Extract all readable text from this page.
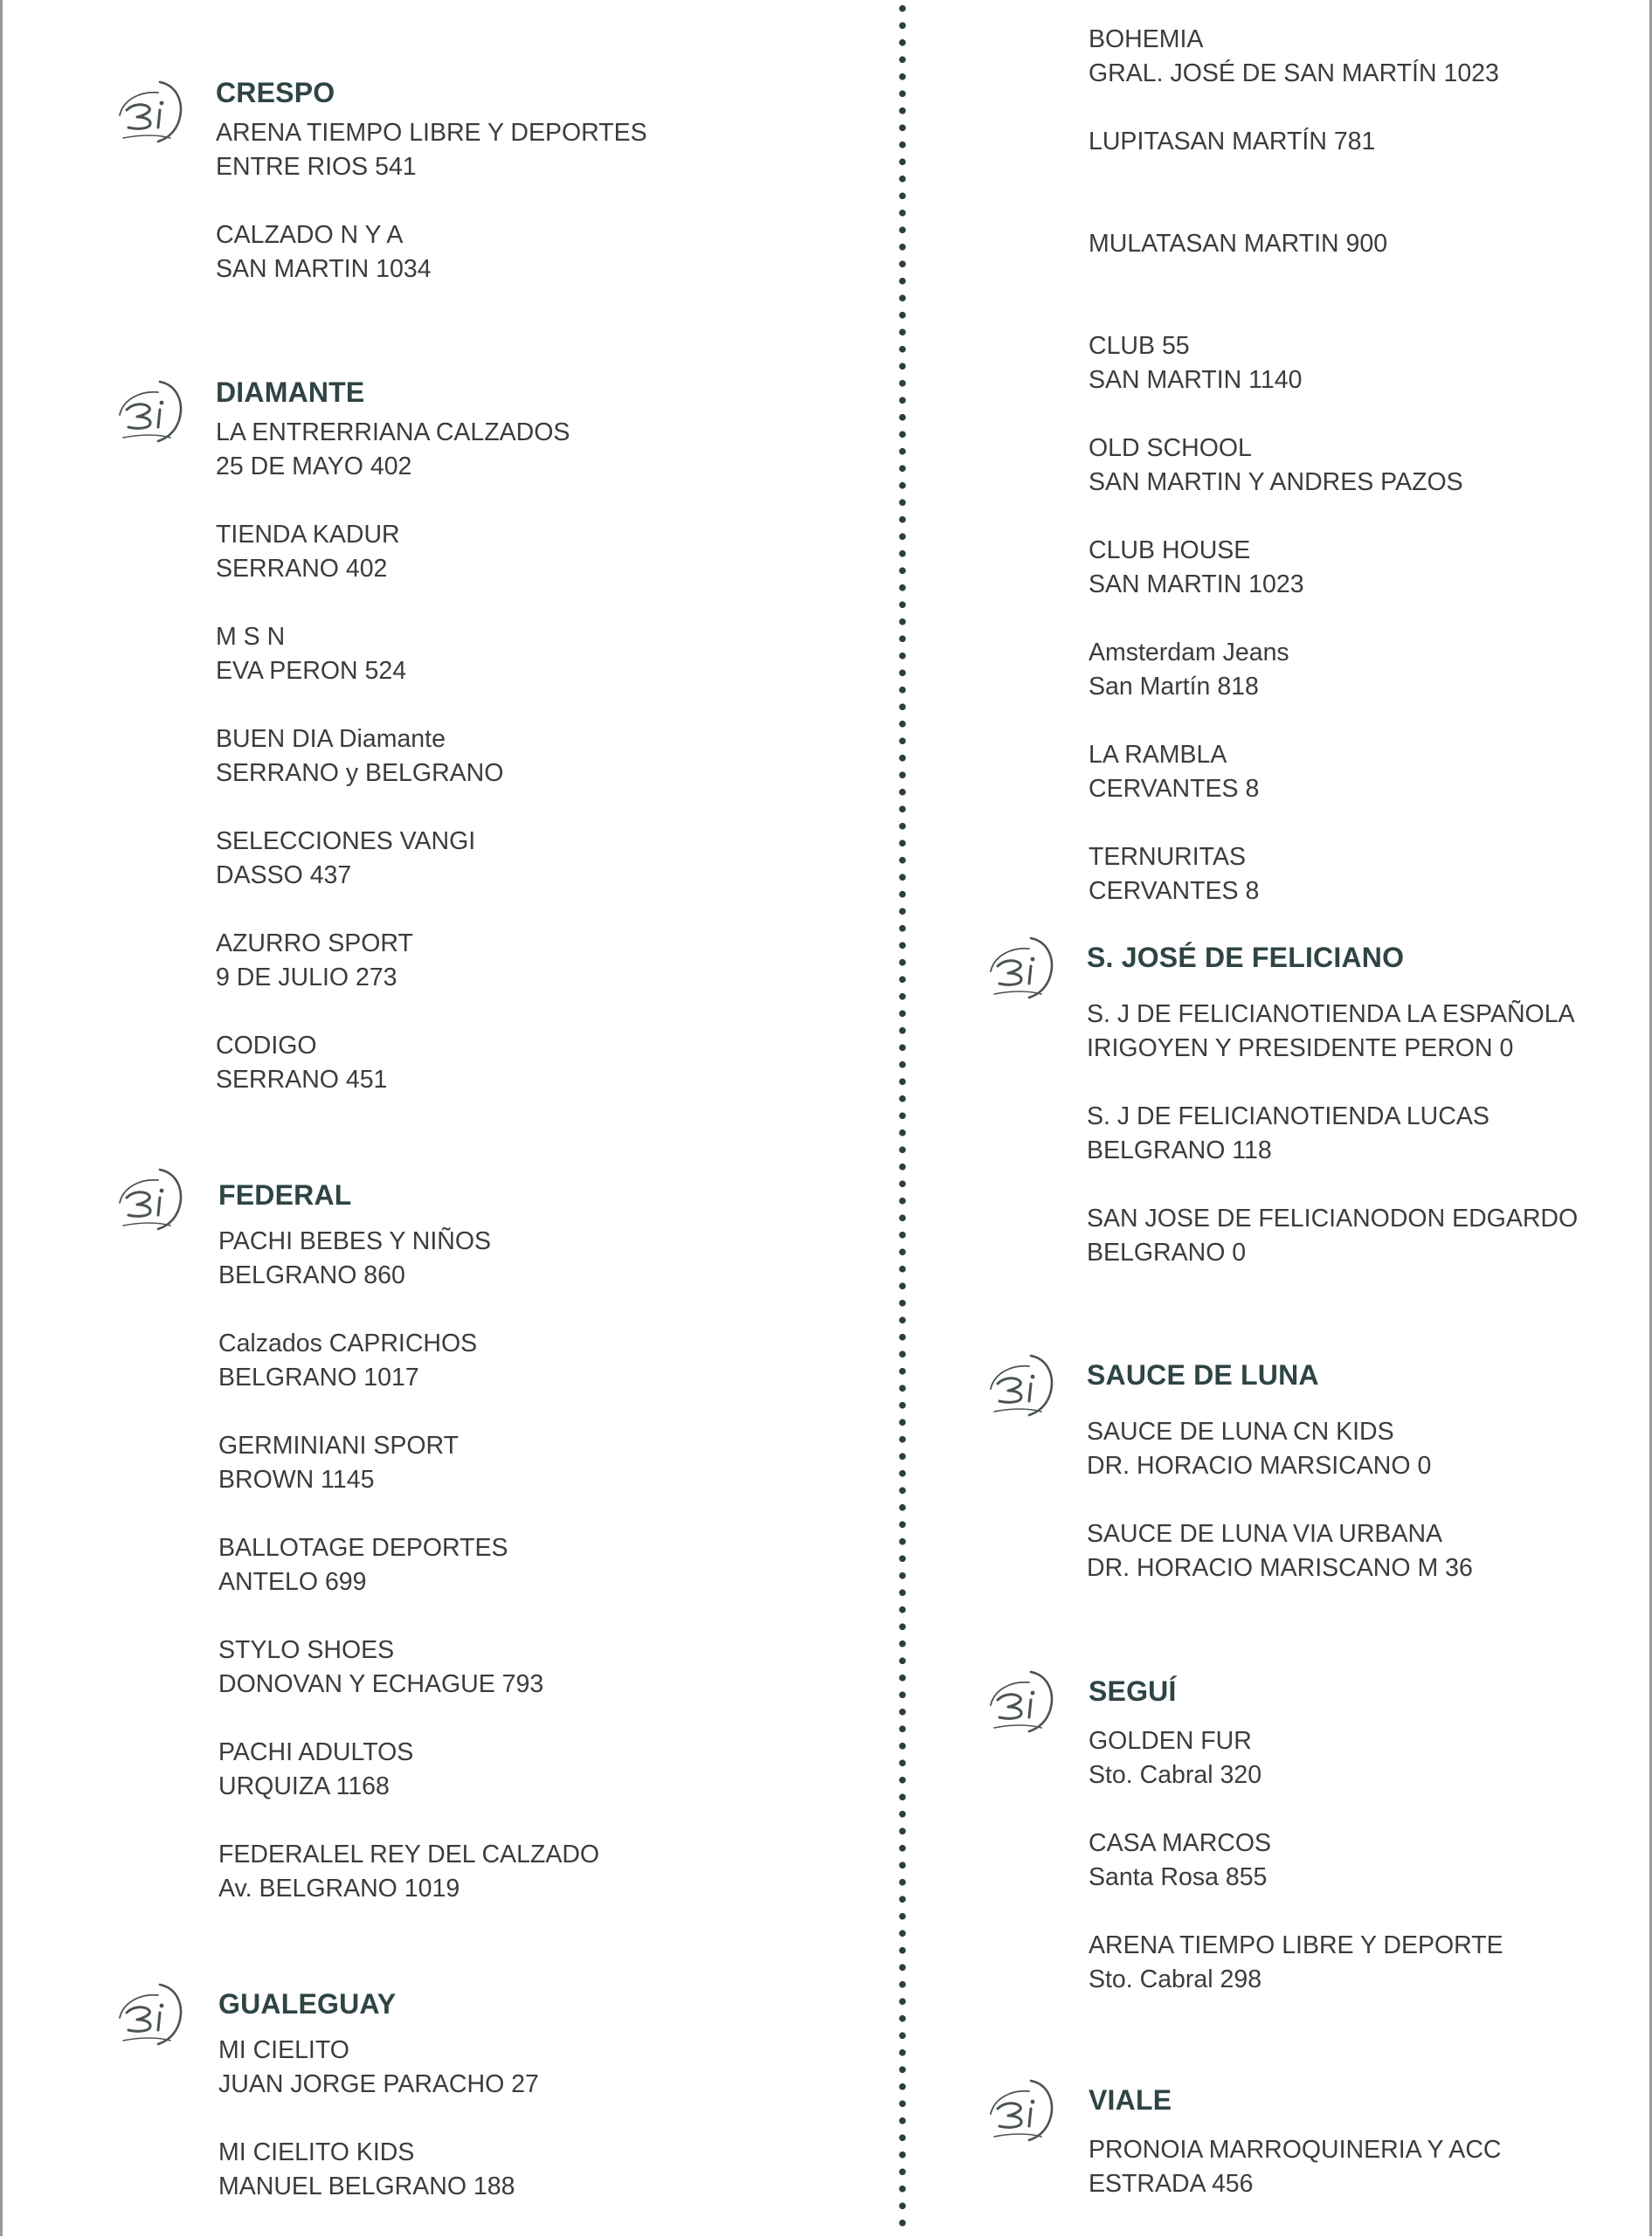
BOHEMIA
GRAL. JOSÉ DE SAN MARTÍN 1023
LUPITASAN MARTÍN 781
MULATASAN MARTIN 900
CLUB 55
SAN MARTIN 1140
OLD SCHOOL
SAN MARTIN Y ANDRES PAZOS
CLUB HOUSE
SAN MARTIN 1023
Amsterdam Jeans
San Martín 818
LA RAMBLA
CERVANTES 8
TERNURITAS
CERVANTES 8
CRESPO
ARENA TIEMPO LIBRE Y DEPORTES
ENTRE RIOS 541
CALZADO N Y A
SAN MARTIN 1034
DIAMANTE
LA ENTRERRIANA CALZADOS
25 DE MAYO 402
TIENDA KADUR
SERRANO 402
M S N
EVA PERON 524
BUEN DIA Diamante
SERRANO y BELGRANO
SELECCIONES VANGI
DASSO 437
AZURRO SPORT
9 DE JULIO 273
CODIGO
SERRANO 451
FEDERAL
PACHI BEBES Y NIÑOS
BELGRANO 860
Calzados CAPRICHOS
BELGRANO 1017
GERMINIANI SPORT
BROWN 1145
BALLOTAGE DEPORTES
ANTELO 699
STYLO SHOES
DONOVAN Y ECHAGUE 793
PACHI ADULTOS
URQUIZA 1168
FEDERALEL REY DEL CALZADO
Av. BELGRANO 1019
GUALEGUAY
MI CIELITO
JUAN JORGE PARACHO 27
MI CIELITO KIDS
MANUEL BELGRANO 188
S. JOSÉ DE FELICIANO
S. J DE FELICIANOTIENDA LA ESPAÑOLA
IRIGOYEN Y PRESIDENTE PERON 0
S. J DE FELICIANOTIENDA LUCAS
BELGRANO 118
SAN JOSE DE FELICIANODON EDGARDO
BELGRANO 0
SAUCE DE LUNA
SAUCE DE LUNA CN KIDS
DR. HORACIO MARSICANO 0
SAUCE DE LUNA VIA URBANA
DR. HORACIO MARISCANO M 36
SEGUÍ
GOLDEN FUR
Sto. Cabral 320
CASA MARCOS
Santa Rosa 855
ARENA TIEMPO LIBRE Y DEPORTE
Sto. Cabral 298
VIALE
PRONOIA MARROQUINERIA Y ACC
ESTRADA 456
